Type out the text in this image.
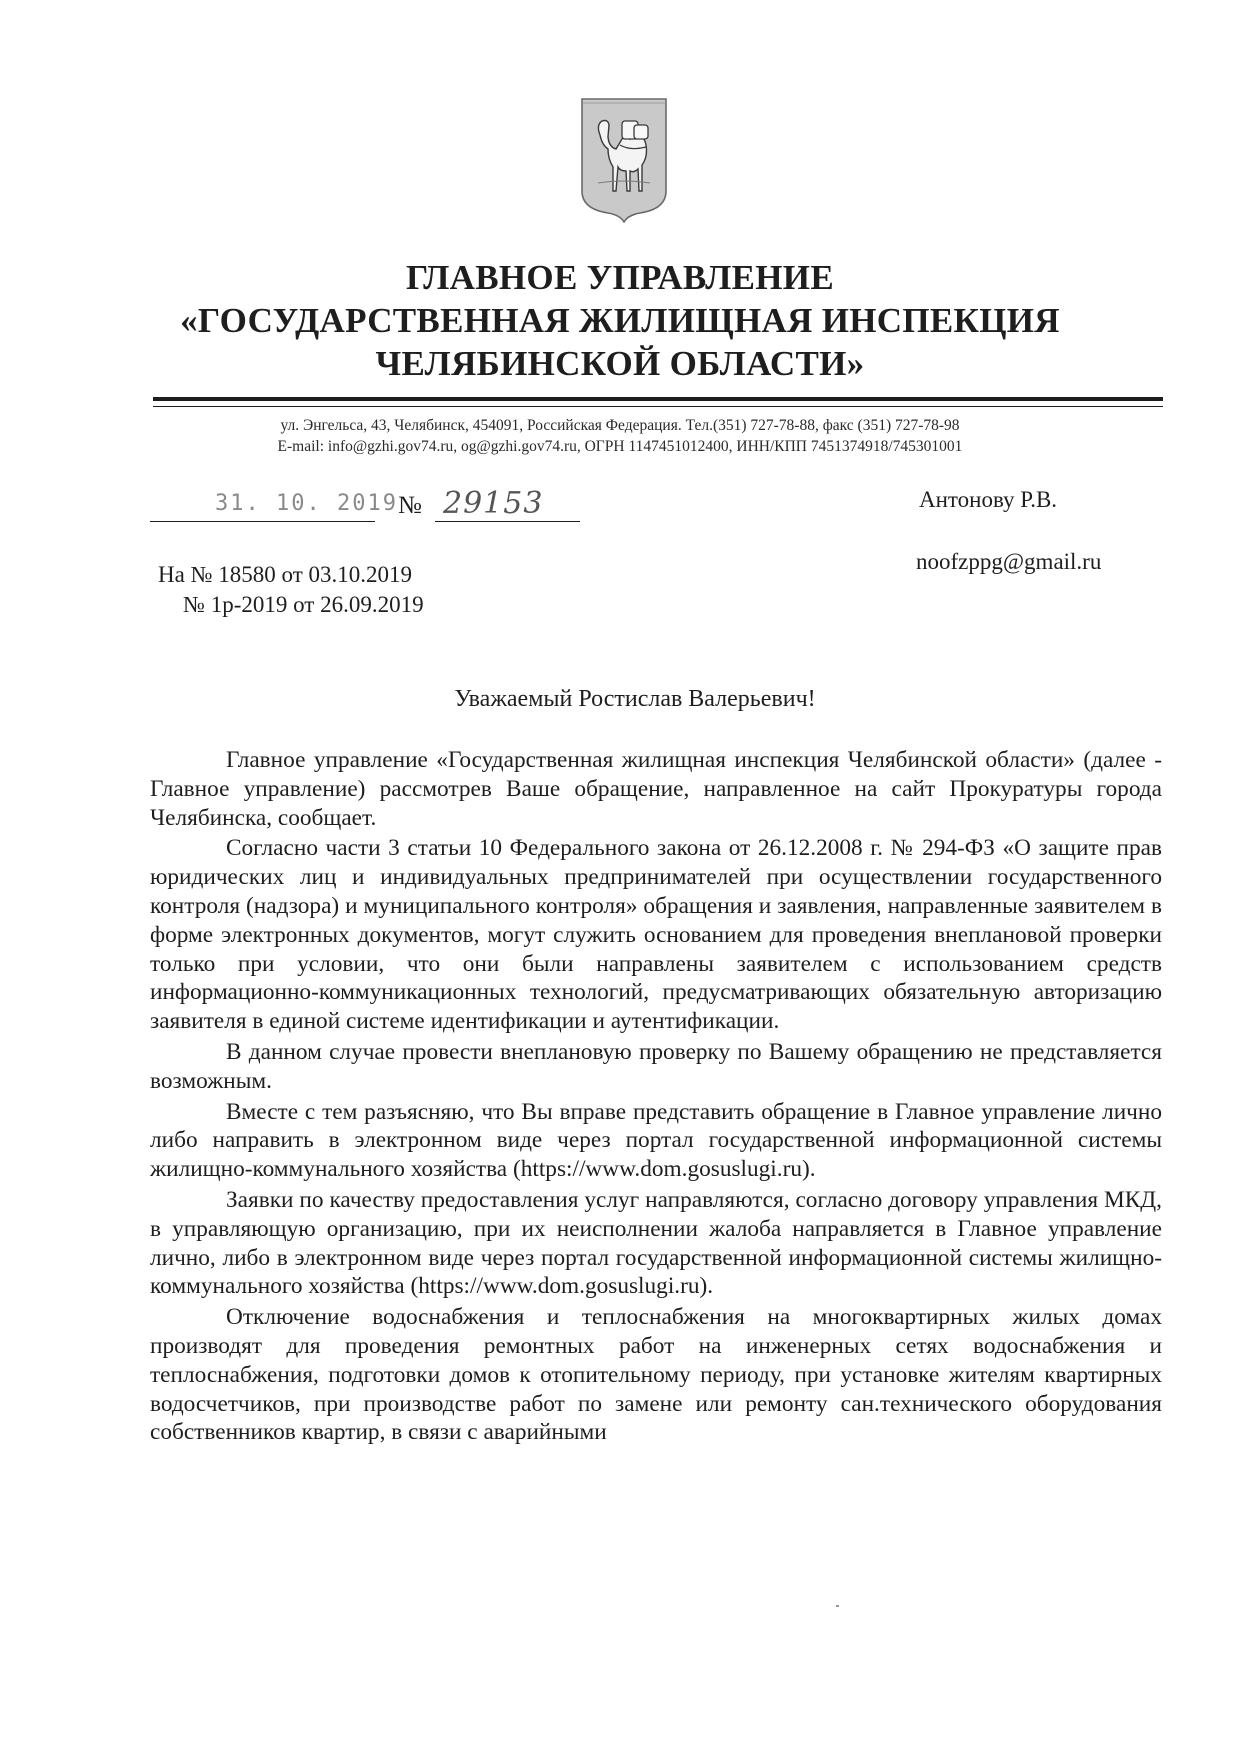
ГЛАВНОЕ УПРАВЛЕНИЕ
«ГОСУДАРСТВЕННАЯ ЖИЛИЩНАЯ ИНСПЕКЦИЯ
ЧЕЛЯБИНСКОЙ ОБЛАСТИ»
ул. Энгельса, 43, Челябинск, 454091, Российская Федерация. Тел.(351) 727-78-88, факс (351) 727-78-98
E-mail: info@gzhi.gov74.ru, og@gzhi.gov74.ru, ОГРН 1147451012400, ИНН/КПП 7451374918/745301001
31. 10. 2019 № 29153	Антонову Р.В.
noofzppg@gmail.ru
На № 18580 от 03.10.2019
№ 1р-2019 от 26.09.2019
Уважаемый Ростислав Валерьевич!

Главное управление «Государственная жилищная инспекция Челябинской области» (далее - Главное управление) рассмотрев Ваше обращение, направленное на сайт Прокуратуры города Челябинска, сообщает.

Согласно части 3 статьи 10 Федерального закона от 26.12.2008 г. № 294-ФЗ «О защите прав юридических лиц и индивидуальных предпринимателей при осуществлении государственного контроля (надзора) и муниципального контроля» обращения и заявления, направленные заявителем в форме электронных документов, могут служить основанием для проведения внеплановой проверки только при условии, что они были направлены заявителем с использованием средств информационно-коммуникационных технологий, предусматривающих обязательную авторизацию заявителя в единой системе идентификации и аутентификации.

В данном случае провести внеплановую проверку по Вашему обращению не представляется возможным.

Вместе с тем разъясняю, что Вы вправе представить обращение в Главное управление лично либо направить в электронном виде через портал государственной информационной системы жилищно-коммунального хозяйства (https://www.dom.gosuslugi.ru).

Заявки по качеству предоставления услуг направляются, согласно договору управления МКД, в управляющую организацию, при их неисполнении жалоба направляется в Главное управление лично, либо в электронном виде через портал государственной информационной системы жилищно-коммунального хозяйства (https://www.dom.gosuslugi.ru).

Отключение водоснабжения и теплоснабжения на многоквартирных жилых домах производят для проведения ремонтных работ на инженерных сетях водоснабжения и теплоснабжения, подготовки домов к отопительному периоду, при установке жителям квартирных водосчетчиков, при производстве работ по замене или ремонту сан.технического оборудования собственников квартир, в связи с аварийными
